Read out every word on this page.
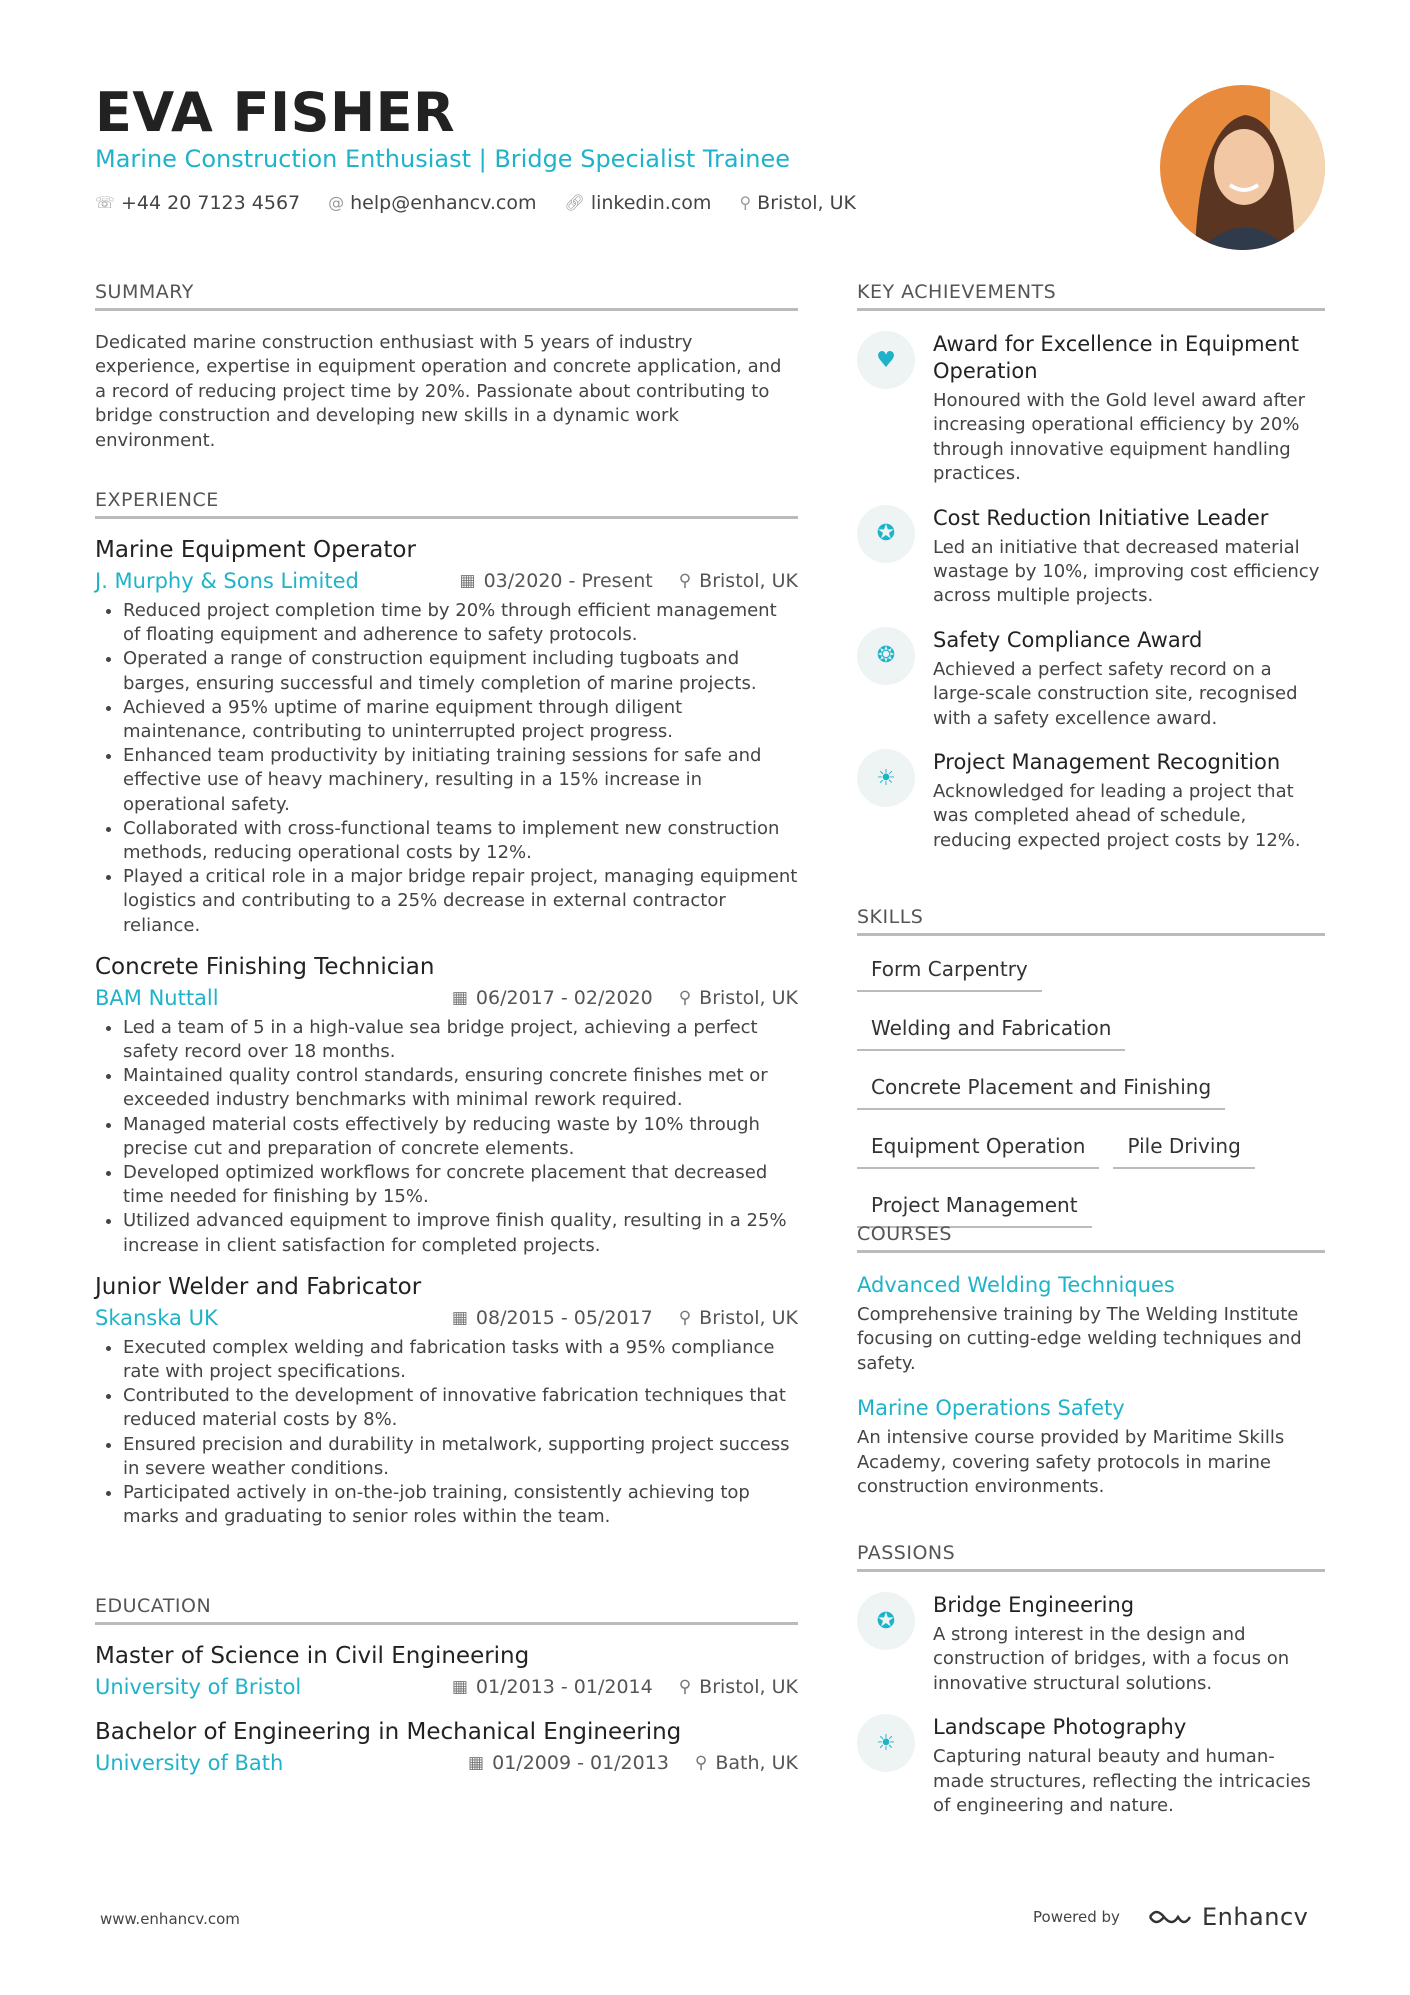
EVA FISHER
Marine Construction Enthusiast | Bridge Specialist Trainee
☏ +44 20 7123 4567 @ help@enhancv.com 🔗︎ linkedin.com ⚲ Bristol, UK
SUMMARY
Dedicated marine construction enthusiast with 5 years of industry experience, expertise in equipment operation and concrete application, and a record of reducing project time by 20%. Passionate about contributing to bridge construction and developing new skills in a dynamic work environment.
EXPERIENCE
Marine Equipment Operator
J. Murphy & Sons Limited	▦ 03/2020 - Present ⚲ Bristol, UK
• Reduced project completion time by 20% through efficient management of floating equipment and adherence to safety protocols.
• Operated a range of construction equipment including tugboats and barges, ensuring successful and timely completion of marine projects.
• Achieved a 95% uptime of marine equipment through diligent maintenance, contributing to uninterrupted project progress.
• Enhanced team productivity by initiating training sessions for safe and effective use of heavy machinery, resulting in a 15% increase in operational safety.
• Collaborated with cross-functional teams to implement new construction methods, reducing operational costs by 12%.
• Played a critical role in a major bridge repair project, managing equipment logistics and contributing to a 25% decrease in external contractor reliance.
Concrete Finishing Technician
BAM Nuttall	▦ 06/2017 - 02/2020 ⚲ Bristol, UK
• Led a team of 5 in a high-value sea bridge project, achieving a perfect safety record over 18 months.
• Maintained quality control standards, ensuring concrete finishes met or exceeded industry benchmarks with minimal rework required.
• Managed material costs effectively by reducing waste by 10% through precise cut and preparation of concrete elements.
• Developed optimized workflows for concrete placement that decreased time needed for finishing by 15%.
• Utilized advanced equipment to improve finish quality, resulting in a 25% increase in client satisfaction for completed projects.
Junior Welder and Fabricator
Skanska UK	▦ 08/2015 - 05/2017 ⚲ Bristol, UK
• Executed complex welding and fabrication tasks with a 95% compliance rate with project specifications.
• Contributed to the development of innovative fabrication techniques that reduced material costs by 8%.
• Ensured precision and durability in metalwork, supporting project success in severe weather conditions.
• Participated actively in on-the-job training, consistently achieving top marks and graduating to senior roles within the team.
EDUCATION
Master of Science in Civil Engineering
University of Bristol	▦ 01/2013 - 01/2014 ⚲ Bristol, UK
Bachelor of Engineering in Mechanical Engineering
University of Bath	▦ 01/2009 - 01/2013 ⚲ Bath, UK
KEY ACHIEVEMENTS
♥
Award for Excellence in Equipment Operation
Honoured with the Gold level award after increasing operational efficiency by 20% through innovative equipment handling practices.
✪
Cost Reduction Initiative Leader
Led an initiative that decreased material wastage by 10%, improving cost efficiency across multiple projects.
❂
Safety Compliance Award
Achieved a perfect safety record on a large-scale construction site, recognised with a safety excellence award.
☀
Project Management Recognition
Acknowledged for leading a project that was completed ahead of schedule, reducing expected project costs by 12%.
SKILLS
Form Carpentry
Welding and Fabrication
Concrete Placement and Finishing
Equipment Operation	Pile Driving
Project Management
COURSES
Advanced Welding Techniques
Comprehensive training by The Welding Institute focusing on cutting-edge welding techniques and safety.
Marine Operations Safety
An intensive course provided by Maritime Skills Academy, covering safety protocols in marine construction environments.
PASSIONS
✪
Bridge Engineering
A strong interest in the design and construction of bridges, with a focus on innovative structural solutions.
☀
Landscape Photography
Capturing natural beauty and human-made structures, reflecting the intricacies of engineering and nature.
www.enhancv.com	Powered by	Enhancv
